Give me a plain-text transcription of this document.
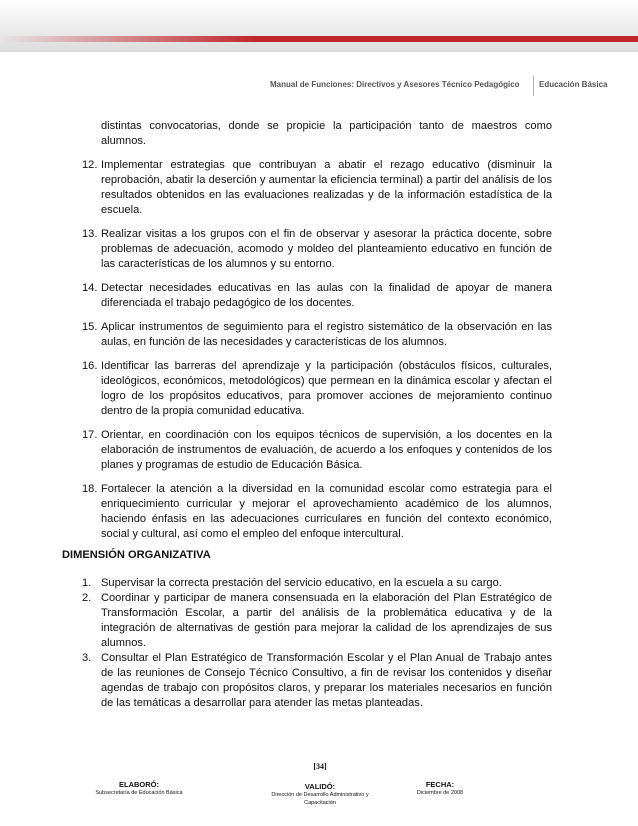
Manual de Funciones: Directivos y Asesores Técnico Pedagógico Educación Básica

distintas convocatorias, donde se propicie la participación tanto de maestros como alumnos.

12. Implementar estrategias que contribuyan a abatir el rezago educativo (disminuir la reprobación, abatir la deserción y aumentar la eficiencia terminal) a partir del análisis de los resultados obtenidos en las evaluaciones realizadas y de la información estadística de la escuela.
13. Realizar visitas a los grupos con el fin de observar y asesorar la práctica docente, sobre problemas de adecuación, acomodo y moldeo del planteamiento educativo en función de las características de los alumnos y su entorno.
14. Detectar necesidades educativas en las aulas con la finalidad de apoyar de manera diferenciada el trabajo pedagógico de los docentes.
15. Aplicar instrumentos de seguimiento para el registro sistemático de la observación en las aulas, en función de las necesidades y características de los alumnos.
16. Identificar las barreras del aprendizaje y la participación (obstáculos físicos, culturales, ideológicos, económicos, metodológicos) que permean en la dinámica escolar y afectan el logro de los propósitos educativos, para promover acciones de mejoramiento continuo dentro de la propia comunidad educativa.
17. Orientar, en coordinación con los equipos técnicos de supervisión, a los docentes en la elaboración de instrumentos de evaluación, de acuerdo a los enfoques y contenidos de los planes y programas de estudio de Educación Básica.
18. Fortalecer la atención a la diversidad en la comunidad escolar como estrategia para el enriquecimiento curricular y mejorar el aprovechamiento académico de los alumnos, haciendo énfasis en las adecuaciones curriculares en función del contexto económico, social y cultural, así como el empleo del enfoque intercultural.
DIMENSIÓN ORGANIZATIVA
1. Supervisar la correcta prestación del servicio educativo, en la escuela a su cargo.
2. Coordinar y participar de manera consensuada en la elaboración del Plan Estratégico de Transformación Escolar, a partir del análisis de la problemática educativa y de la integración de alternativas de gestión para mejorar la calidad de los aprendizajes de sus alumnos.
3. Consultar el Plan Estratégico de Transformación Escolar y el Plan Anual de Trabajo antes de las reuniones de Consejo Técnico Consultivo, a fin de revisar los contenidos y diseñar agendas de trabajo con propósitos claros, y preparar los materiales necesarios en función de las temáticas a desarrollar para atender las metas planteadas.
[34]
ELABORÓ:
Subsecretaría de Educación Básica
VALIDÓ:
Dirección de Desarrollo Administrativo y
Capacitación
FECHA:
Diciembre de 2008
